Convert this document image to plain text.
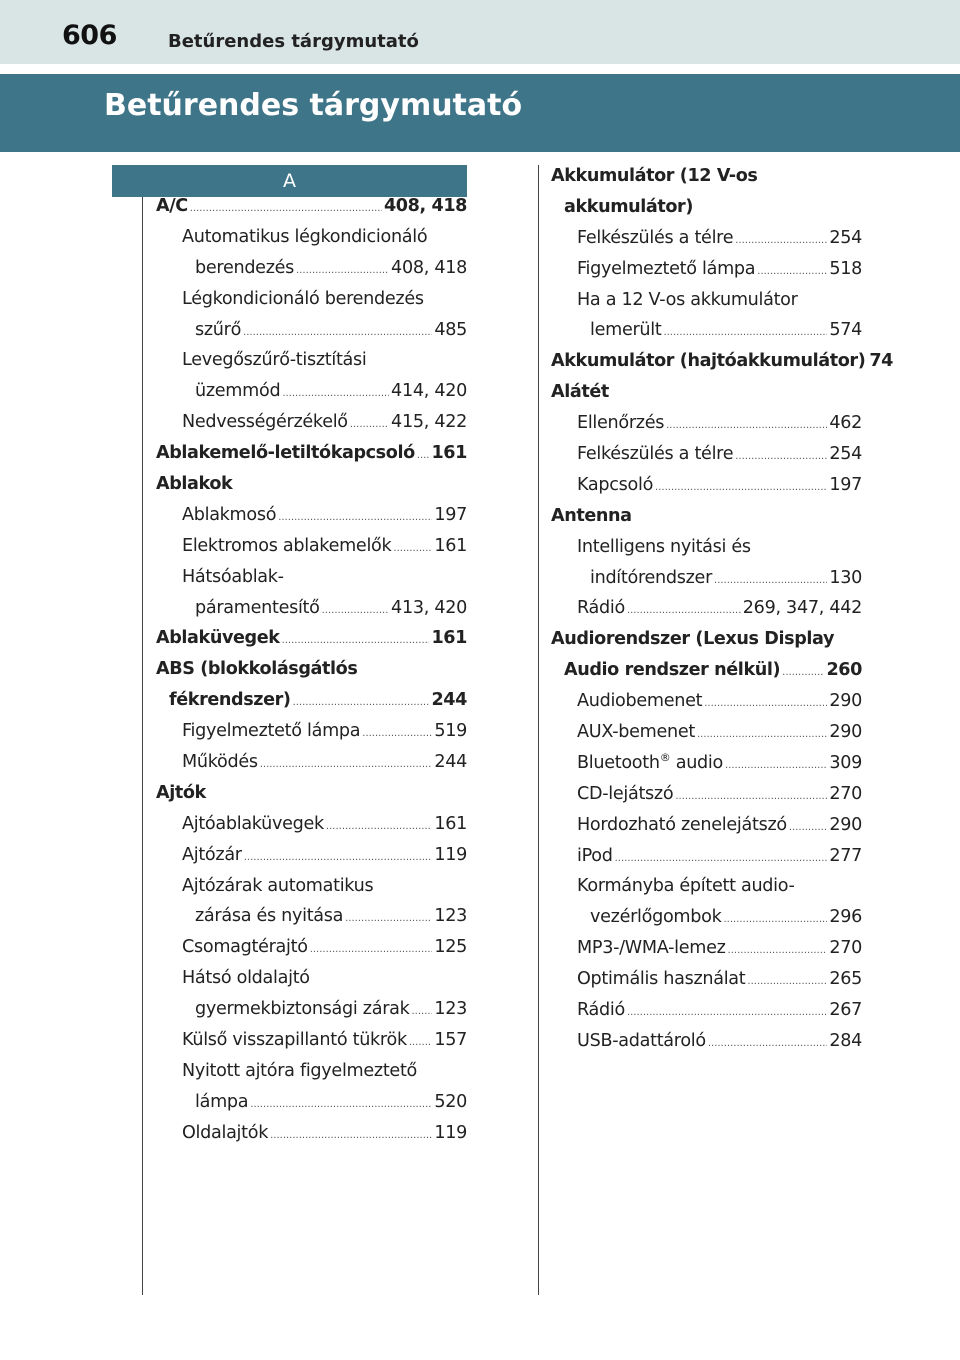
606	Betűrendes tárgymutató
Betűrendes tárgymutató
A
A/C .....	408, 418
Automatikus légkondicionáló
berendezés .....	408, 418
Légkondicionáló berendezés
szűrő .....	485
Levegőszűrő-tisztítási
üzemmód .....	414, 420
Nedvességérzékelő ..... 415, 422
Ablakemelő-letiltókapcsoló ..... 161
Ablakok
Ablakmosó .....	197
Elektromos ablakemelők ..... 161
Hátsóablak-
páramentesítő .....	413, 420
Ablaküvegek .....	161
ABS (blokkolásgátlós
fékrendszer) .....	244
Figyelmeztető lámpa .....	519
Működés .....	244
Ajtók
Ajtóablaküvegek .....	161
Ajtózár .....	119
Ajtózárak automatikus
zárása és nyitása .....	123
Csomagtérajtó .....	125
Hátsó oldalajtó
gyermekbiztonsági zárak ..... 123
Külső visszapillantó tükrök ..... 157
Nyitott ajtóra figyelmeztető
lámpa .....	520
Oldalajtók .....	119
Akkumulátor (12 V-os
akkumulátor)
Felkészülés a télre .....	254
Figyelmeztető lámpa .....	518
Ha a 12 V-os akkumulátor
lemerült .....	574
Akkumulátor (hajtóakkumulátor) 74
Alátét
Ellenőrzés .....	462
Felkészülés a télre .....	254
Kapcsoló .....	197
Antenna
Intelligens nyitási és
indítórendszer .....	130
Rádió .....	269, 347, 442
Audiorendszer (Lexus Display
Audio rendszer nélkül) .....	260
Audiobemenet .....	290
AUX-bemenet .....	290
Bluetooth® audio .....	309
CD-lejátszó .....	270
Hordozható zenelejátszó ..... 290
iPod .....	277
Kormányba épített audio-
vezérlőgombok .....	296
MP3-/WMA-lemez .....	270
Optimális használat .....	265
Rádió .....	267
USB-adattároló .....	284
